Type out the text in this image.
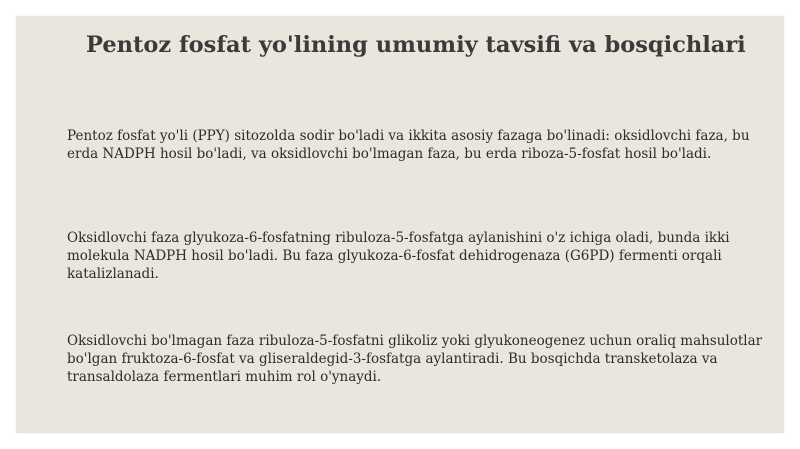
Pentoz fosfat yo'lining umumiy tavsifi va bosqichlari

Pentoz fosfat yo'li (PPY) sitozolda sodir bo'ladi va ikkita asosiy fazaga bo'linadi: oksidlovchi faza, bu erda NADPH hosil bo'ladi, va oksidlovchi bo'lmagan faza, bu erda riboza-5-fosfat hosil bo'ladi.

Oksidlovchi faza glyukoza-6-fosfatning ribuloza-5-fosfatga aylanishini o'z ichiga oladi, bunda ikki molekula NADPH hosil bo'ladi. Bu faza glyukoza-6-fosfat dehidrogenaza (G6PD) fermenti orqali katalizlanadi.

Oksidlovchi bo'lmagan faza ribuloza-5-fosfatni glikoliz yoki glyukoneogenez uchun oraliq mahsulotlar bo'lgan fruktoza-6-fosfat va gliseraldegid-3-fosfatga aylantiradi. Bu bosqichda transketolaza va transaldolaza fermentlari muhim rol o'ynaydi.
